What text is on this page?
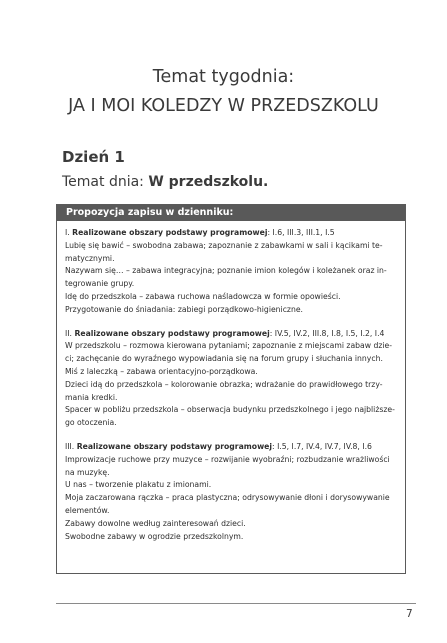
Temat tygodnia:
JA I MOI KOLEDZY W PRZEDSZKOLU
Dzień 1
Temat dnia: W przedszkolu.
Propozycja zapisu w dzienniku:

I. Realizowane obszary podstawy programowej: I.6, III.3, III.1, I.5

Lubię się bawić – swobodna zabawa; zapoznanie z zabawkami w sali i kącikami te-

matycznymi.

Nazywam się… – zabawa integracyjna; poznanie imion kolegów i koleżanek oraz in-

tegrowanie grupy.

Idę do przedszkola – zabawa ruchowa naśladowcza w formie opowieści.

Przygotowanie do śniadania: zabiegi porządkowo-higieniczne.

II. Realizowane obszary podstawy programowej: IV.5, IV.2, III.8, I.8, I.5, I.2, I.4

W przedszkolu – rozmowa kierowana pytaniami; zapoznanie z miejscami zabaw dzie-

ci; zachęcanie do wyraźnego wypowiadania się na forum grupy i słuchania innych.

Miś z laleczką – zabawa orientacyjno-porządkowa.

Dzieci idą do przedszkola – kolorowanie obrazka; wdrażanie do prawidłowego trzy-

mania kredki.

Spacer w pobliżu przedszkola – obserwacja budynku przedszkolnego i jego najbliższe-

go otoczenia.

III. Realizowane obszary podstawy programowej: I.5, I.7, IV.4, IV.7, IV.8, I.6

Improwizacje ruchowe przy muzyce – rozwijanie wyobraźni; rozbudzanie wrażliwości

na muzykę.

U nas – tworzenie plakatu z imionami.

Moja zaczarowana rączka – praca plastyczna; odrysowywanie dłoni i dorysowywanie

elementów.

Zabawy dowolne według zainteresowań dzieci.

Swobodne zabawy w ogrodzie przedszkolnym.

7
